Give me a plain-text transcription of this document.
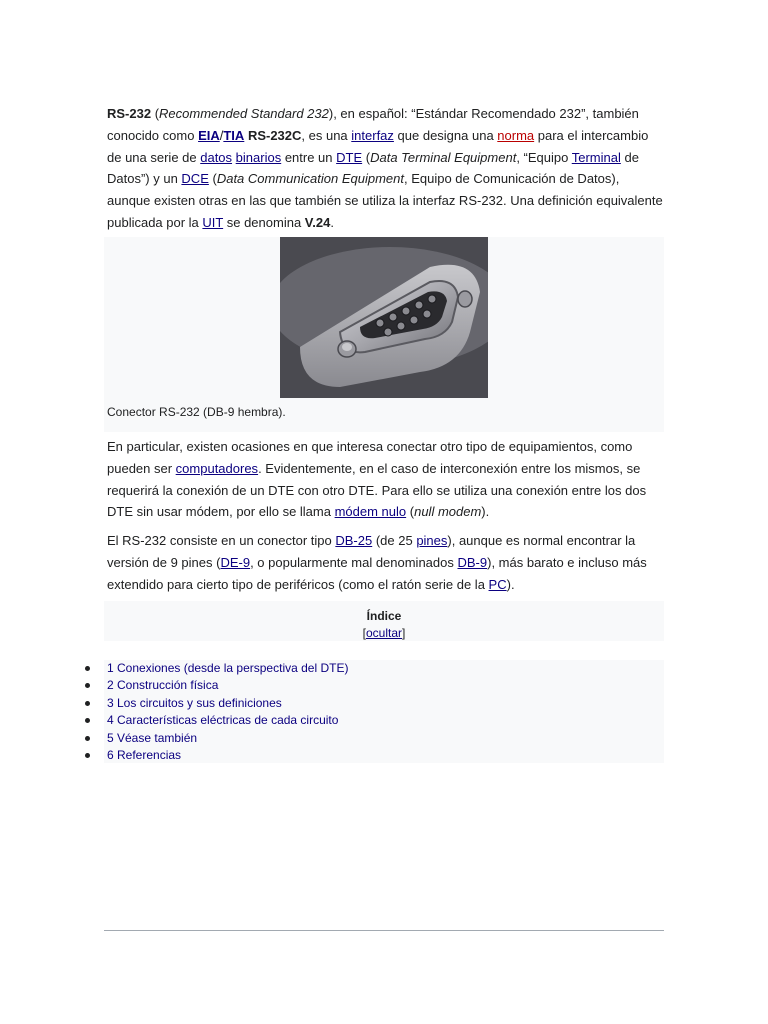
RS-232 (Recommended Standard 232), en español: “Estándar Recomendado 232”, también conocido como EIA/TIA RS-232C, es una interfaz que designa una norma para el intercambio de una serie de datos binarios entre un DTE (Data Terminal Equipment, “Equipo Terminal de Datos”) y un DCE (Data Communication Equipment, Equipo de Comunicación de Datos), aunque existen otras en las que también se utiliza la interfaz RS-232. Una definición equivalente publicada por la UIT se denomina V.24.

Conector RS-232 (DB-9 hembra).

En particular, existen ocasiones en que interesa conectar otro tipo de equipamientos, como pueden ser computadores. Evidentemente, en el caso de interconexión entre los mismos, se requerirá la conexión de un DTE con otro DTE. Para ello se utiliza una conexión entre los dos DTE sin usar módem, por ello se llama módem nulo (null modem).

El RS-232 consiste en un conector tipo DB-25 (de 25 pines), aunque es normal encontrar la versión de 9 pines (DE-9, o popularmente mal denominados DB-9), más barato e incluso más extendido para cierto tipo de periféricos (como el ratón serie de la PC).

Índice
[ocultar]
1 Conexiones (desde la perspectiva del DTE)
2 Construcción física
3 Los circuitos y sus definiciones
4 Características eléctricas de cada circuito
5 Véase también
6 Referencias
